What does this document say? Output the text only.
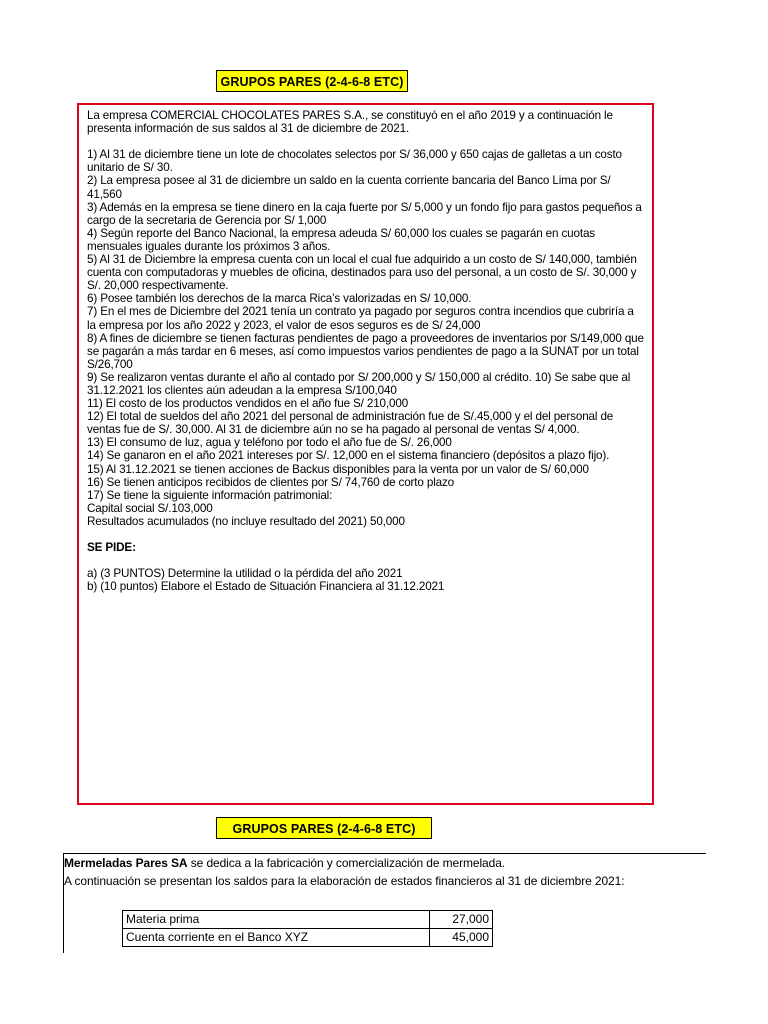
GRUPOS PARES (2-4-6-8 ETC)

La empresa COMERCIAL CHOCOLATES PARES S.A., se constituyó en el año 2019 y a continuación le presenta información de sus saldos al 31 de diciembre de 2021.

1) Al 31 de diciembre tiene un lote de chocolates selectos por S/ 36,000 y 650 cajas de galletas a un costo unitario de S/ 30.

2) La empresa posee al 31 de diciembre un saldo en la cuenta corriente bancaria del Banco Lima por S/ 41,560

3) Además en la empresa se tiene dinero en la caja fuerte por S/ 5,000 y un fondo fijo para gastos pequeños a cargo de la secretaria de Gerencia por S/ 1,000

4) Según reporte del Banco Nacional, la empresa adeuda S/ 60,000 los cuales se pagarán en cuotas mensuales iguales durante los próximos 3 años.

5) Al 31 de Diciembre la empresa cuenta con un local el cual fue adquirido a un costo de S/ 140,000, también cuenta con computadoras y muebles de oficina, destinados para uso del personal, a un costo de S/. 30,000 y S/. 20,000 respectivamente.

6) Posee también los derechos de la marca Rica’s valorizadas en S/ 10,000.

7) En el mes de Diciembre del 2021 tenía un contrato ya pagado por seguros contra incendios que cubriría a la empresa por los año 2022 y 2023, el valor de esos seguros es de S/ 24,000

8) A fines de diciembre se tienen facturas pendientes de pago a proveedores de inventarios por S/149,000 que se pagarán a más tardar en 6 meses, así como impuestos varios pendientes de pago a la SUNAT por un total S/26,700

9) Se realizaron ventas durante el año al contado por S/ 200,000 y S/ 150,000 al crédito. 10) Se sabe que al 31.12.2021 los clientes aún adeudan a la empresa S/100,040

11) El costo de los productos vendidos en el año fue S/ 210,000

12) El total de sueldos del año 2021 del personal de administración fue de S/.45,000 y el del personal de ventas fue de S/. 30,000. Al 31 de diciembre aún no se ha pagado al personal de ventas S/ 4,000.

13) El consumo de luz, agua y teléfono por todo el año fue de S/. 26,000

14) Se ganaron en el año 2021 intereses por S/. 12,000 en el sistema financiero (depósitos a plazo fijo).

15) Al 31.12.2021 se tienen acciones de Backus disponibles para la venta por un valor de S/ 60,000

16) Se tienen anticipos recibidos de clientes por S/ 74,760 de corto plazo

17) Se tiene la siguiente información patrimonial:

Capital social S/.103,000

Resultados acumulados (no incluye resultado del 2021) 50,000

SE PIDE:

a) (3 PUNTOS) Determine la utilidad o la pérdida del año 2021

b) (10 puntos) Elabore el Estado de Situación Financiera al 31.12.2021

GRUPOS PARES (2-4-6-8 ETC)
Mermeladas Pares SA se dedica a la fabricación y comercialización de mermelada.
A continuación se presentan los saldos para la elaboración de estados financieros al 31 de diciembre 2021:
Materia prima	27,000
Cuenta corriente en el Banco XYZ	45,000
